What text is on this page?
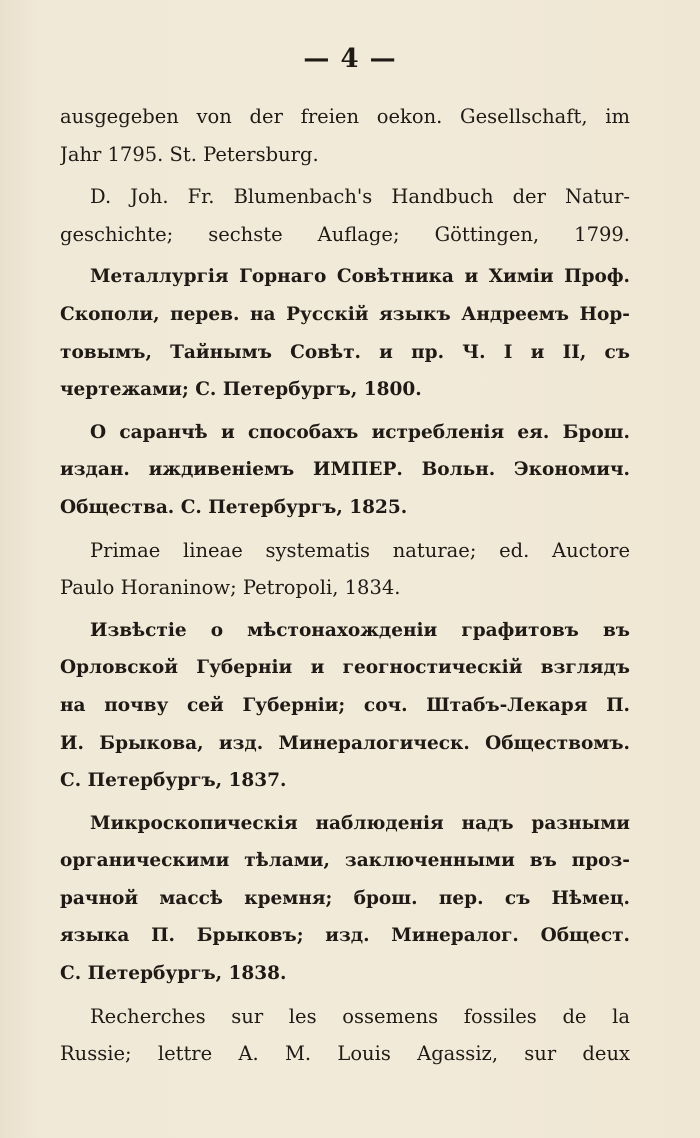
— 4 —
ausgegeben von der freien oekon. Gesellschaft, im
Jahr 1795. St. Petersburg.
D. Joh. Fr. Blumenbach's Handbuch der Natur-
geschichte; sechste Auflage; Göttingen, 1799.
Металлургія Горнаго Совѣтника и Химіи Проф.
Скополи, перев. на Русскій языкъ Андреемъ Нор-
товымъ, Тайнымъ Совѣт. и пр. Ч. I и II, съ
чертежами; С. Петербургъ, 1800.
О саранчѣ и способахъ истребленія ея. Брош.
издан. иждивеніемъ ИМПЕР. Вольн. Экономич.
Общества. С. Петербургъ, 1825.
Primae lineae systematis naturae; ed. Auctore
Paulo Horaninow; Petropoli, 1834.
Извѣстіе о мѣстонахожденіи графитовъ въ
Орловской Губерніи и геогностическій взглядъ
на почву сей Губерніи; соч. Штабъ-Лекаря П.
И. Брыкова, изд. Минералогическ. Обществомъ.
С. Петербургъ, 1837.
Микроскопическія наблюденія надъ разными
органическими тѣлами, заключенными въ проз-
рачной массѣ кремня; брош. пер. съ Нѣмец.
языка П. Брыковъ; изд. Минералог. Общест.
С. Петербургъ, 1838.
Recherches sur les ossemens fossiles de la
Russie; lettre A. M. Louis Agassiz, sur deux
